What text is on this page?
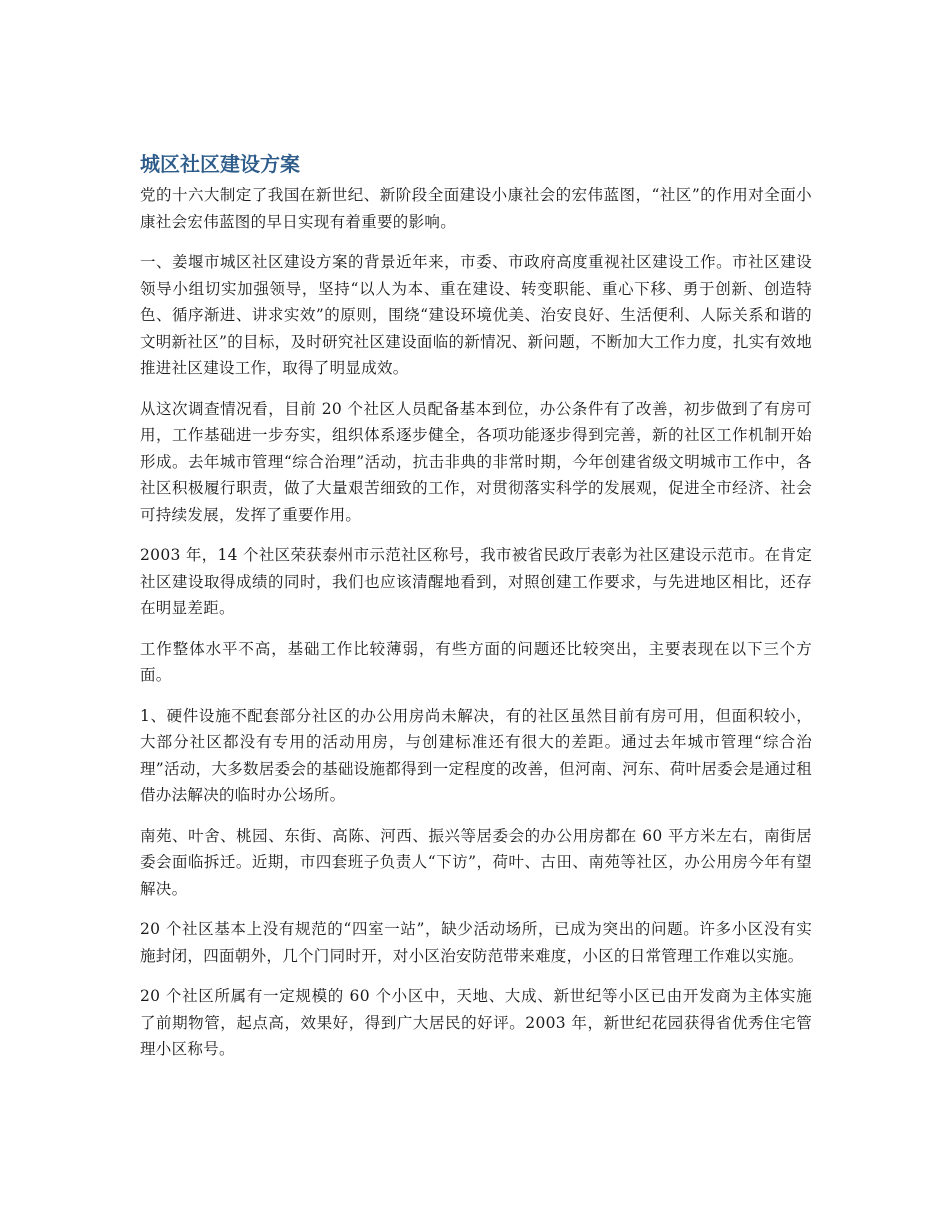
城区社区建设方案

党的十六大制定了我国在新世纪、新阶段全面建设小康社会的宏伟蓝图，“社区”的作用对全面小康社会宏伟蓝图的早日实现有着重要的影响。

一、姜堰市城区社区建设方案的背景近年来，市委、市政府高度重视社区建设工作。市社区建设领导小组切实加强领导，坚持“以人为本、重在建设、转变职能、重心下移、勇于创新、创造特色、循序渐进、讲求实效”的原则，围绕“建设环境优美、治安良好、生活便利、人际关系和谐的文明新社区”的目标，及时研究社区建设面临的新情况、新问题，不断加大工作力度，扎实有效地推进社区建设工作，取得了明显成效。

从这次调查情况看，目前 20 个社区人员配备基本到位，办公条件有了改善，初步做到了有房可用，工作基础进一步夯实，组织体系逐步健全，各项功能逐步得到完善，新的社区工作机制开始形成。去年城市管理“综合治理”活动，抗击非典的非常时期，今年创建省级文明城市工作中，各社区积极履行职责，做了大量艰苦细致的工作，对贯彻落实科学的发展观，促进全市经济、社会可持续发展，发挥了重要作用。

2003 年，14 个社区荣获泰州市示范社区称号，我市被省民政厅表彰为社区建设示范市。在肯定社区建设取得成绩的同时，我们也应该清醒地看到，对照创建工作要求，与先进地区相比，还存在明显差距。

工作整体水平不高，基础工作比较薄弱，有些方面的问题还比较突出，主要表现在以下三个方面。

1、硬件设施不配套部分社区的办公用房尚未解决，有的社区虽然目前有房可用，但面积较小，大部分社区都没有专用的活动用房，与创建标准还有很大的差距。通过去年城市管理“综合治理”活动，大多数居委会的基础设施都得到一定程度的改善，但河南、河东、荷叶居委会是通过租借办法解决的临时办公场所。

南苑、叶舍、桃园、东街、高陈、河西、振兴等居委会的办公用房都在 60 平方米左右，南街居委会面临拆迁。近期，市四套班子负责人“下访”，荷叶、古田、南苑等社区，办公用房今年有望解决。

20 个社区基本上没有规范的“四室一站”，缺少活动场所，已成为突出的问题。许多小区没有实施封闭，四面朝外，几个门同时开，对小区治安防范带来难度，小区的日常管理工作难以实施。

20 个社区所属有一定规模的 60 个小区中，天地、大成、新世纪等小区已由开发商为主体实施了前期物管，起点高，效果好，得到广大居民的好评。2003 年，新世纪花园获得省优秀住宅管理小区称号。
